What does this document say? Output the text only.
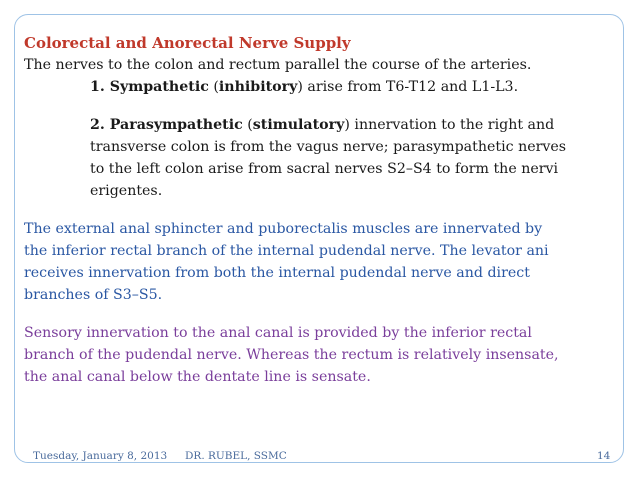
Colorectal and Anorectal Nerve Supply

The nerves to the colon and rectum parallel the course of the arteries.

1. Sympathetic (inhibitory) arise from T6-T12 and L1-L3.

2. Parasympathetic (stimulatory) innervation to the right and
transverse colon is from the vagus nerve; parasympathetic nerves
to the left colon arise from sacral nerves S2–S4 to form the nervi
erigentes.

The external anal sphincter and puborectalis muscles are innervated by
the inferior rectal branch of the internal pudendal nerve. The levator ani
receives innervation from both the internal pudendal nerve and direct
branches of S3–S5.

Sensory innervation to the anal canal is provided by the inferior rectal
branch of the pudendal nerve. Whereas the rectum is relatively insensate,
the anal canal below the dentate line is sensate.

Tuesday, January 8, 2013 DR. RUBEL, SSMC	14
